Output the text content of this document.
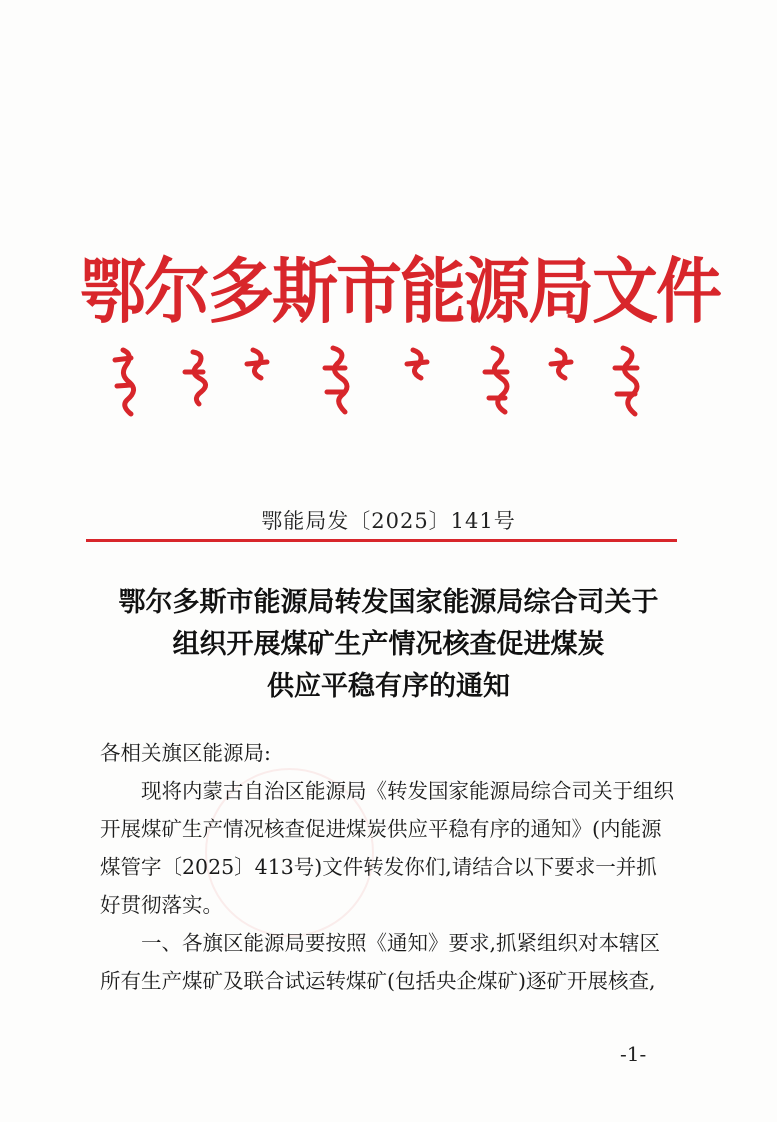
鄂尔多斯市能源局文件
鄂能局发〔2025〕141号
鄂尔多斯市能源局转发国家能源局综合司关于
组织开展煤矿生产情况核查促进煤炭
供应平稳有序的通知
各相关旗区能源局:
现将内蒙古自治区能源局《转发国家能源局综合司关于组织
开展煤矿生产情况核查促进煤炭供应平稳有序的通知》(内能源
煤管字〔2025〕413号)文件转发你们,请结合以下要求一并抓
好贯彻落实。
一、各旗区能源局要按照《通知》要求,抓紧组织对本辖区
所有生产煤矿及联合试运转煤矿(包括央企煤矿)逐矿开展核查,
-1-
